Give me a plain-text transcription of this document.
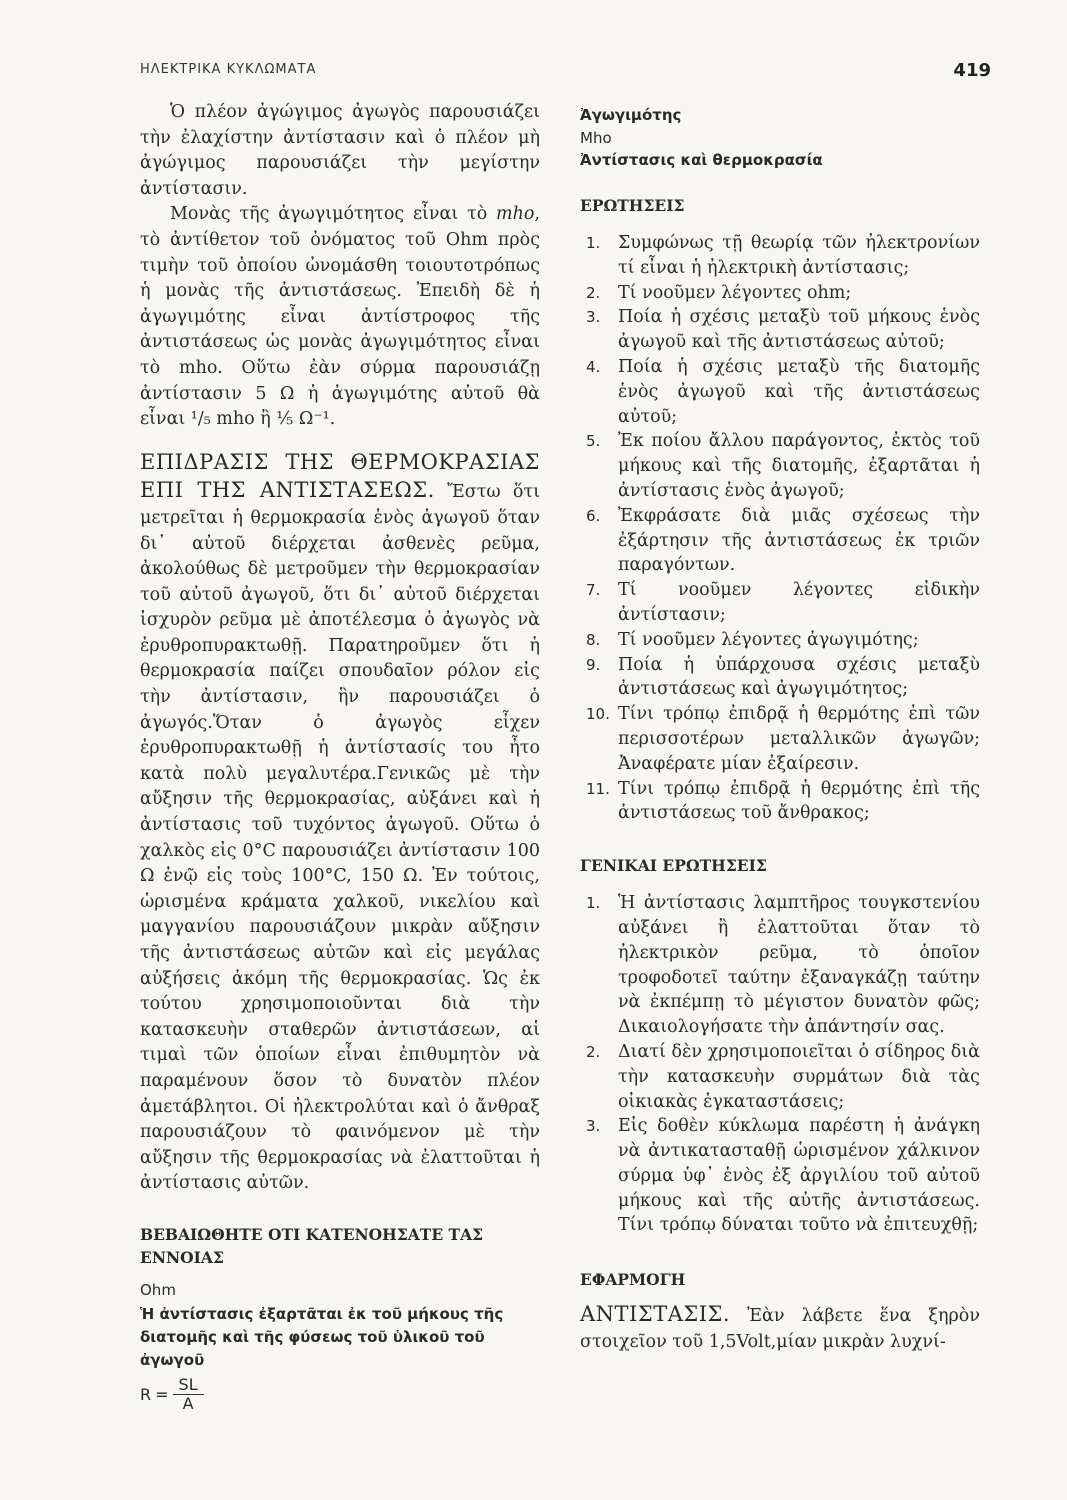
ΗΛΕΚΤΡΙΚΑ ΚΥΚΛΩΜΑΤΑ	419

Ὁ πλέον ἀγώγιμος ἀγωγὸς παρουσιάζει τὴν ἐλαχίστην ἀντίστασιν καὶ ὁ πλέον μὴ ἀγώγιμος παρουσιάζει τὴν μεγίστην ἀντίστασιν.

Μονὰς τῆς ἀγωγιμότητος εἶναι τὸ mho, τὸ ἀντίθετον τοῦ ὀνόματος τοῦ Ohm πρὸς τιμὴν τοῦ ὁποίου ὠνομάσθη τοιουτοτρόπως ἡ μονὰς τῆς ἀντιστάσεως. Ἐπειδὴ δὲ ἡ ἀγωγιμότης εἶναι ἀντίστροφος τῆς ἀντιστάσεως ὡς μονὰς ἀγωγιμότητος εἶναι τὸ mho. Οὕτω ἐὰν σύρμα παρουσιάζῃ ἀντίστασιν 5 Ω ἡ ἀγωγιμότης αὐτοῦ θὰ εἶναι ¹/₅ mho ἢ ⅕ Ω⁻¹.

ΕΠΙΔΡΑΣΙΣ ΤΗΣ ΘΕΡΜΟΚΡΑΣΙΑΣ ΕΠΙ ΤΗΣ ΑΝΤΙΣΤΑΣΕΩΣ. Ἔστω ὅτι μετρεῖται ἡ θερμοκρασία ἑνὸς ἀγωγοῦ ὅταν δι᾽ αὐτοῦ διέρχεται ἀσθενὲς ρεῦμα, ἀκολούθως δὲ μετροῦμεν τὴν θερμοκρασίαν τοῦ αὐτοῦ ἀγωγοῦ, ὅτι δι᾽ αὐτοῦ διέρχεται ἰσχυρὸν ρεῦμα μὲ ἀποτέλεσμα ὁ ἀγωγὸς νὰ ἐρυθροπυρακτωθῇ. Παρατηροῦμεν ὅτι ἡ θερμοκρασία παίζει σπουδαῖον ρόλον εἰς τὴν ἀντίστασιν, ἣν παρουσιάζει ὁ ἀγωγός.Ὅταν ὁ ἀγωγὸς εἶχεν ἐρυθροπυρακτωθῇ ἡ ἀντίστασίς του ἦτο κατὰ πολὺ μεγαλυτέρα.Γενικῶς μὲ τὴν αὔξησιν τῆς θερμοκρασίας, αὐξάνει καὶ ἡ ἀντίστασις τοῦ τυχόντος ἀγωγοῦ. Οὕτω ὁ χαλκὸς εἰς 0°C παρουσιάζει ἀντίστασιν 100 Ω ἐνῷ εἰς τοὺς 100°C, 150 Ω. Ἐν τούτοις, ὡρισμένα κράματα χαλκοῦ, νικελίου καὶ μαγγανίου παρουσιάζουν μικρὰν αὔξησιν τῆς ἀντιστάσεως αὐτῶν καὶ εἰς μεγάλας αὐξήσεις ἀκόμη τῆς θερμοκρασίας. Ὡς ἐκ τούτου χρησιμοποιοῦνται διὰ τὴν κατασκευὴν σταθερῶν ἀντιστάσεων, αἱ τιμαὶ τῶν ὁποίων εἶναι ἐπιθυμητὸν νὰ παραμένουν ὅσον τὸ δυνατὸν πλέον ἀμετάβλητοι. Οἱ ἠλεκτρολύται καὶ ὁ ἄνθραξ παρουσιάζουν τὸ φαινόμενον μὲ τὴν αὔξησιν τῆς θερμοκρασίας νὰ ἐλαττοῦται ἡ ἀντίστασις αὐτῶν.

ΒΕΒΑΙΩΘΗΤΕ ΟΤΙ ΚΑΤΕΝΟΗΣΑΤΕ ΤΑΣ ΕΝΝΟΙΑΣ

Ohm
Ἡ ἀντίστασις ἐξαρτᾶται ἐκ τοῦ μήκους τῆς διατομῆς καὶ τῆς φύσεως τοῦ ὑλικοῦ τοῦ ἀγωγοῦ
$R = \frac{SL}{A}$
Ἀγωγιμότης
Mho
Ἀντίστασις καὶ θερμοκρασία

ΕΡΩΤΗΣΕΙΣ

1. Συμφώνως τῇ θεωρίᾳ τῶν ἠλεκτρονίων τί εἶναι ἡ ἠλεκτρικὴ ἀντίστασις;
2. Τί νοοῦμεν λέγοντες ohm;
3. Ποία ἡ σχέσις μεταξὺ τοῦ μήκους ἑνὸς ἀγωγοῦ καὶ τῆς ἀντιστάσεως αὐτοῦ;
4. Ποία ἡ σχέσις μεταξὺ τῆς διατομῆς ἑνὸς ἀγωγοῦ καὶ τῆς ἀντιστάσεως αὐτοῦ;
5. Ἐκ ποίου ἄλλου παράγοντος, ἐκτὸς τοῦ μήκους καὶ τῆς διατομῆς, ἐξαρτᾶται ἡ ἀντίστασις ἑνὸς ἀγωγοῦ;
6. Ἐκφράσατε διὰ μιᾶς σχέσεως τὴν ἐξάρτησιν τῆς ἀντιστάσεως ἐκ τριῶν παραγόντων.
7. Τί νοοῦμεν λέγοντες εἰδικὴν ἀντίστασιν;
8. Τί νοοῦμεν λέγοντες ἀγωγιμότης;
9. Ποία ἡ ὑπάρχουσα σχέσις μεταξὺ ἀντιστάσεως καὶ ἀγωγιμότητος;
10. Τίνι τρόπῳ ἐπιδρᾷ ἡ θερμότης ἐπὶ τῶν περισσοτέρων μεταλλικῶν ἀγωγῶν; Ἀναφέρατε μίαν ἐξαίρεσιν.
11. Τίνι τρόπῳ ἐπιδρᾷ ἡ θερμότης ἐπὶ τῆς ἀντιστάσεως τοῦ ἄνθρακος;

ΓΕΝΙΚΑΙ ΕΡΩΤΗΣΕΙΣ

1. Ἡ ἀντίστασις λαμπτῆρος τουγκστενίου αὐξάνει ἢ ἐλαττοῦται ὅταν τὸ ἠλεκτρικὸν ρεῦμα, τὸ ὁποῖον τροφοδοτεῖ ταύτην ἐξαναγκάζῃ ταύτην νὰ ἐκπέμπῃ τὸ μέγιστον δυνατὸν φῶς; Δικαιολογήσατε τὴν ἀπάντησίν σας.
2. Διατί δὲν χρησιμοποιεῖται ὁ σίδηρος διὰ τὴν κατασκευὴν συρμάτων διὰ τὰς οἰκιακὰς ἐγκαταστάσεις;
3. Εἰς δοθὲν κύκλωμα παρέστη ἡ ἀνάγκη νὰ ἀντικατασταθῇ ὡρισμένον χάλκινον σύρμα ὑφ᾽ ἑνὸς ἐξ ἀργιλίου τοῦ αὐτοῦ μήκους καὶ τῆς αὐτῆς ἀντιστάσεως. Τίνι τρόπῳ δύναται τοῦτο νὰ ἐπιτευχθῇ;

ΕΦΑΡΜΟΓΗ

ΑΝΤΙΣΤΑΣΙΣ. Ἐὰν λάβετε ἕνα ξηρὸν στοιχεῖον τοῦ 1,5Volt,μίαν μικρὰν λυχνί-
